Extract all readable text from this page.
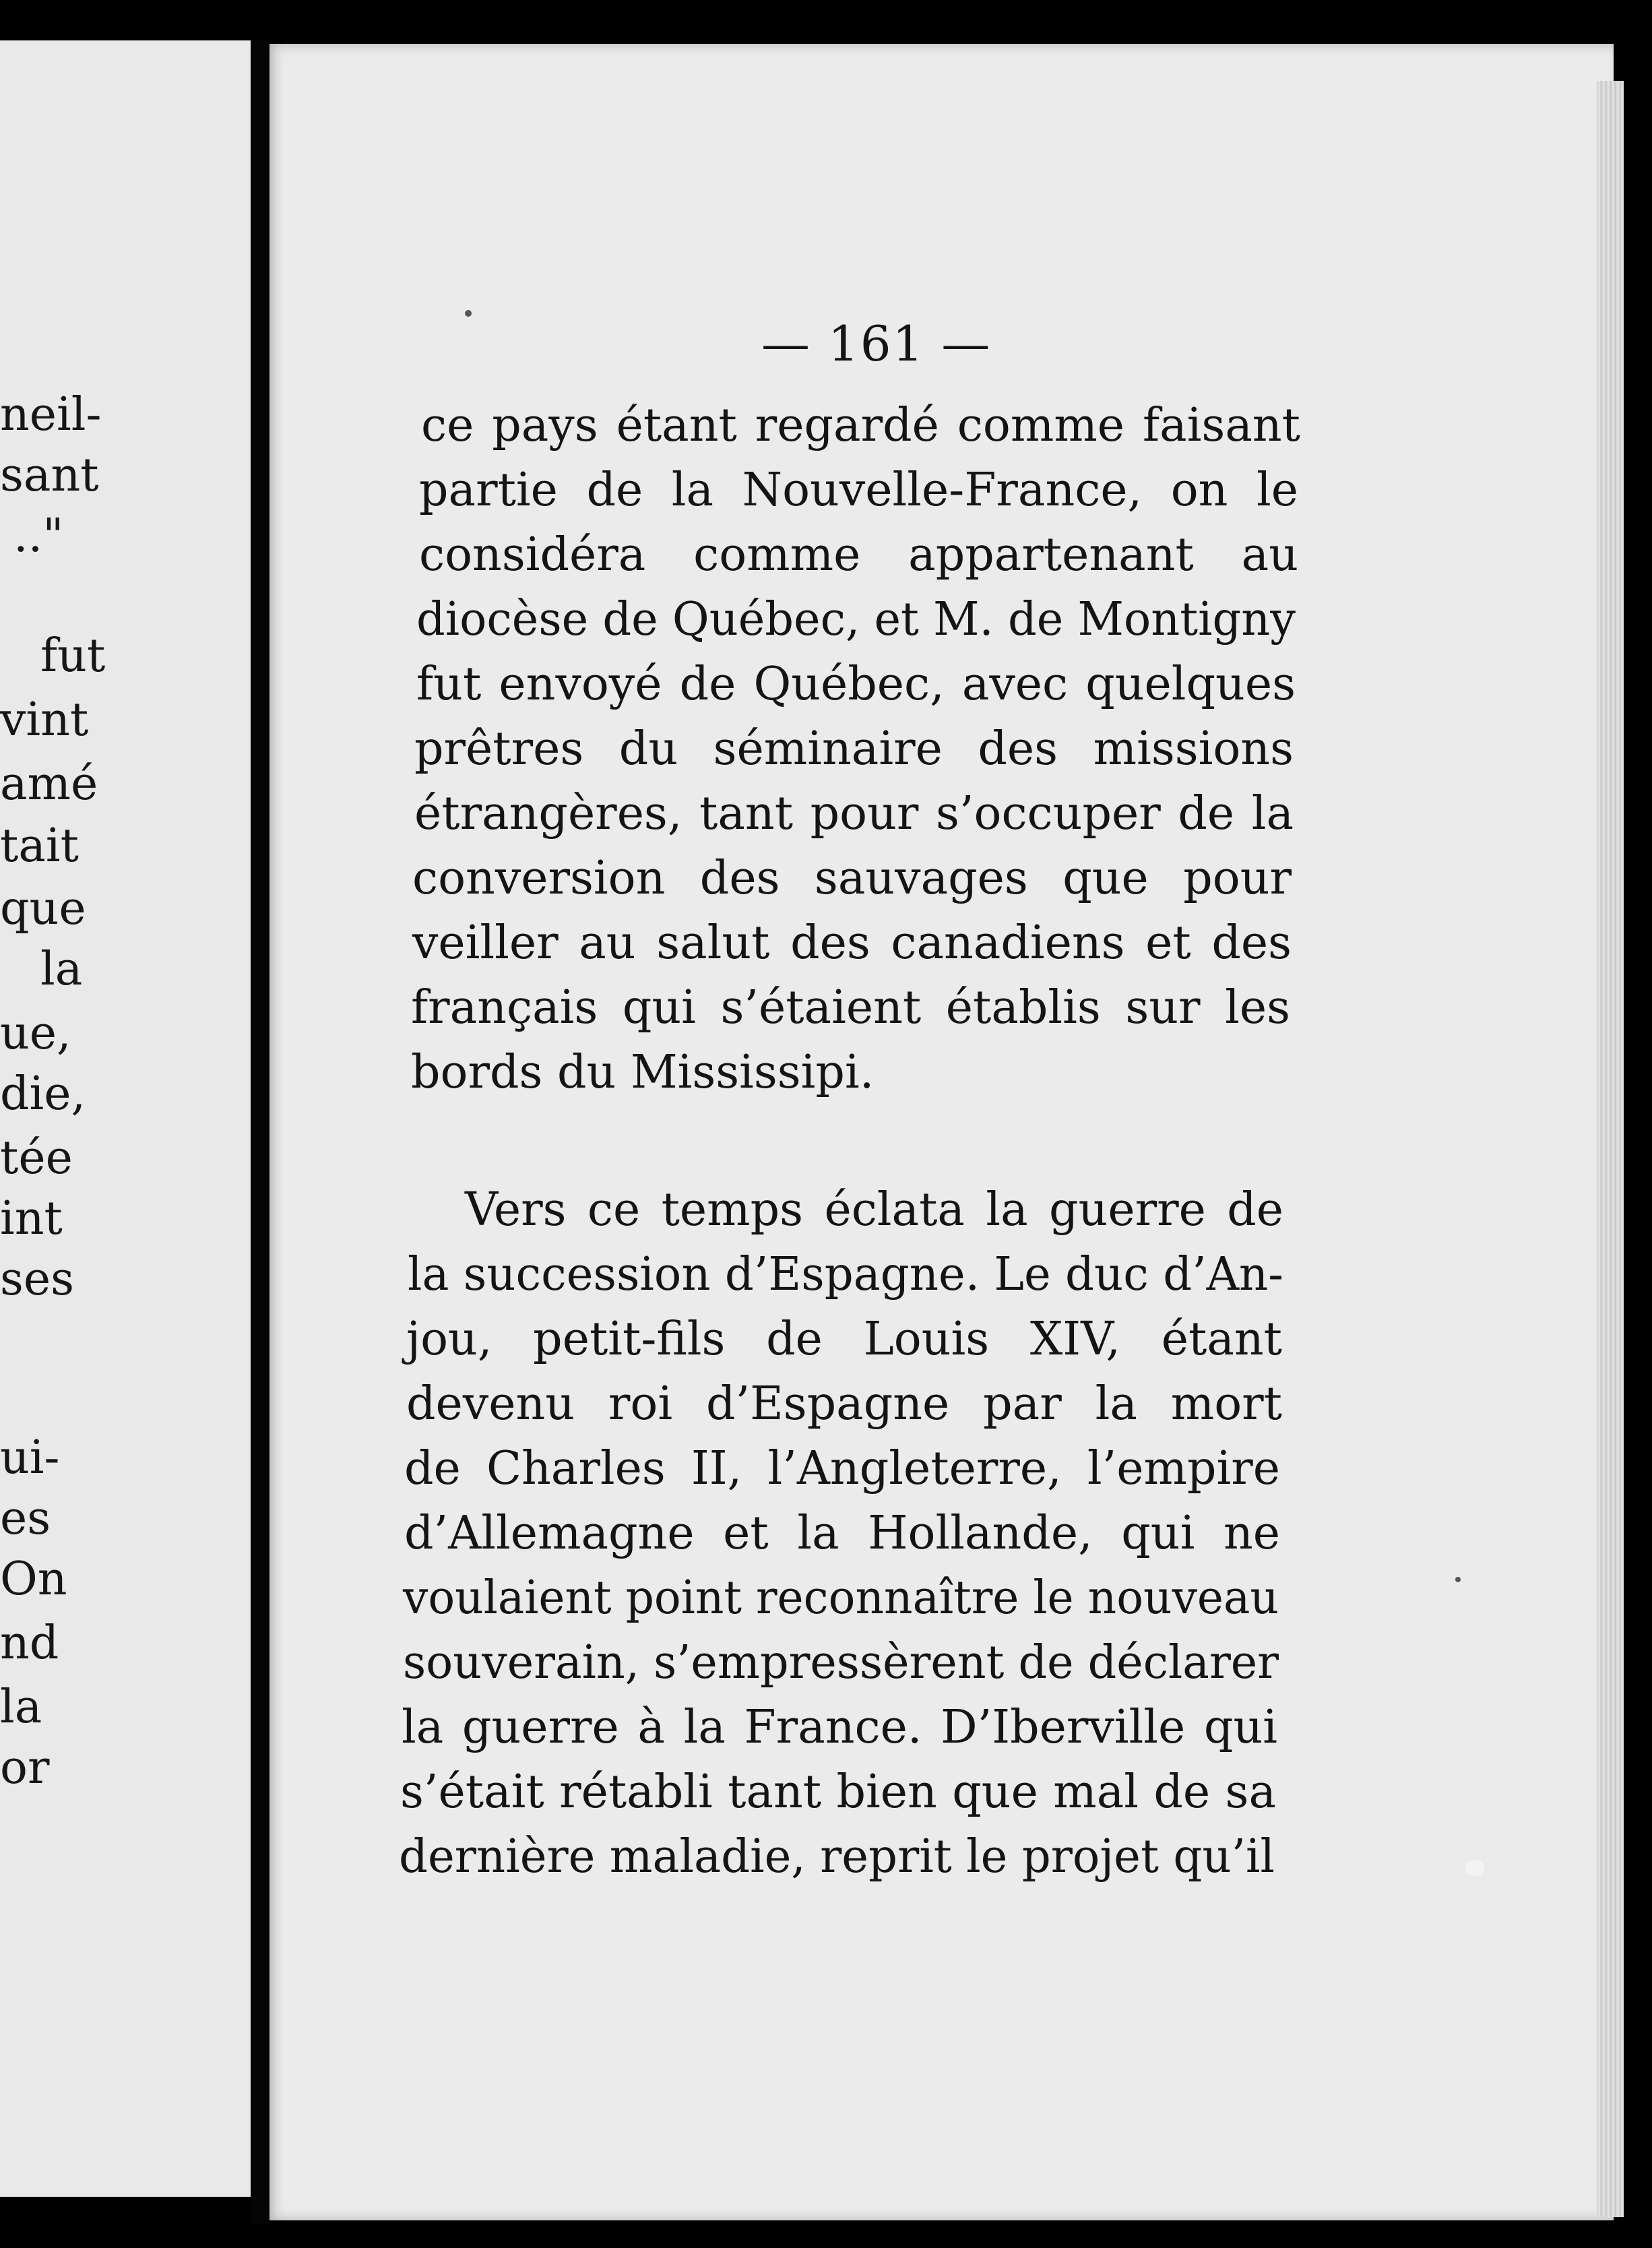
neil-
sant
.."
fut
vint
amé
tait
que
la
ue,
die,
tée
int
ses
ui-
es
On
nd
la
or
— 161 —
ce pays étant regardé comme faisant
partie de la Nouvelle-France, on le
considéra comme appartenant au
diocèse de Québec, et M. de Montigny
fut envoyé de Québec, avec quelques
prêtres du séminaire des missions
étrangères, tant pour s’occuper de la
conversion des sauvages que pour
veiller au salut des canadiens et des
français qui s’étaient établis sur les
bords du Mississipi.
Vers ce temps éclata la guerre de
la succession d’Espagne. Le duc d’An-
jou, petit-fils de Louis XIV, étant
devenu roi d’Espagne par la mort
de Charles II, l’Angleterre, l’empire
d’Allemagne et la Hollande, qui ne
voulaient point reconnaître le nouveau
souverain, s’empressèrent de déclarer
la guerre à la France. D’Iberville qui
s’était rétabli tant bien que mal de sa
dernière maladie, reprit le projet qu’il
